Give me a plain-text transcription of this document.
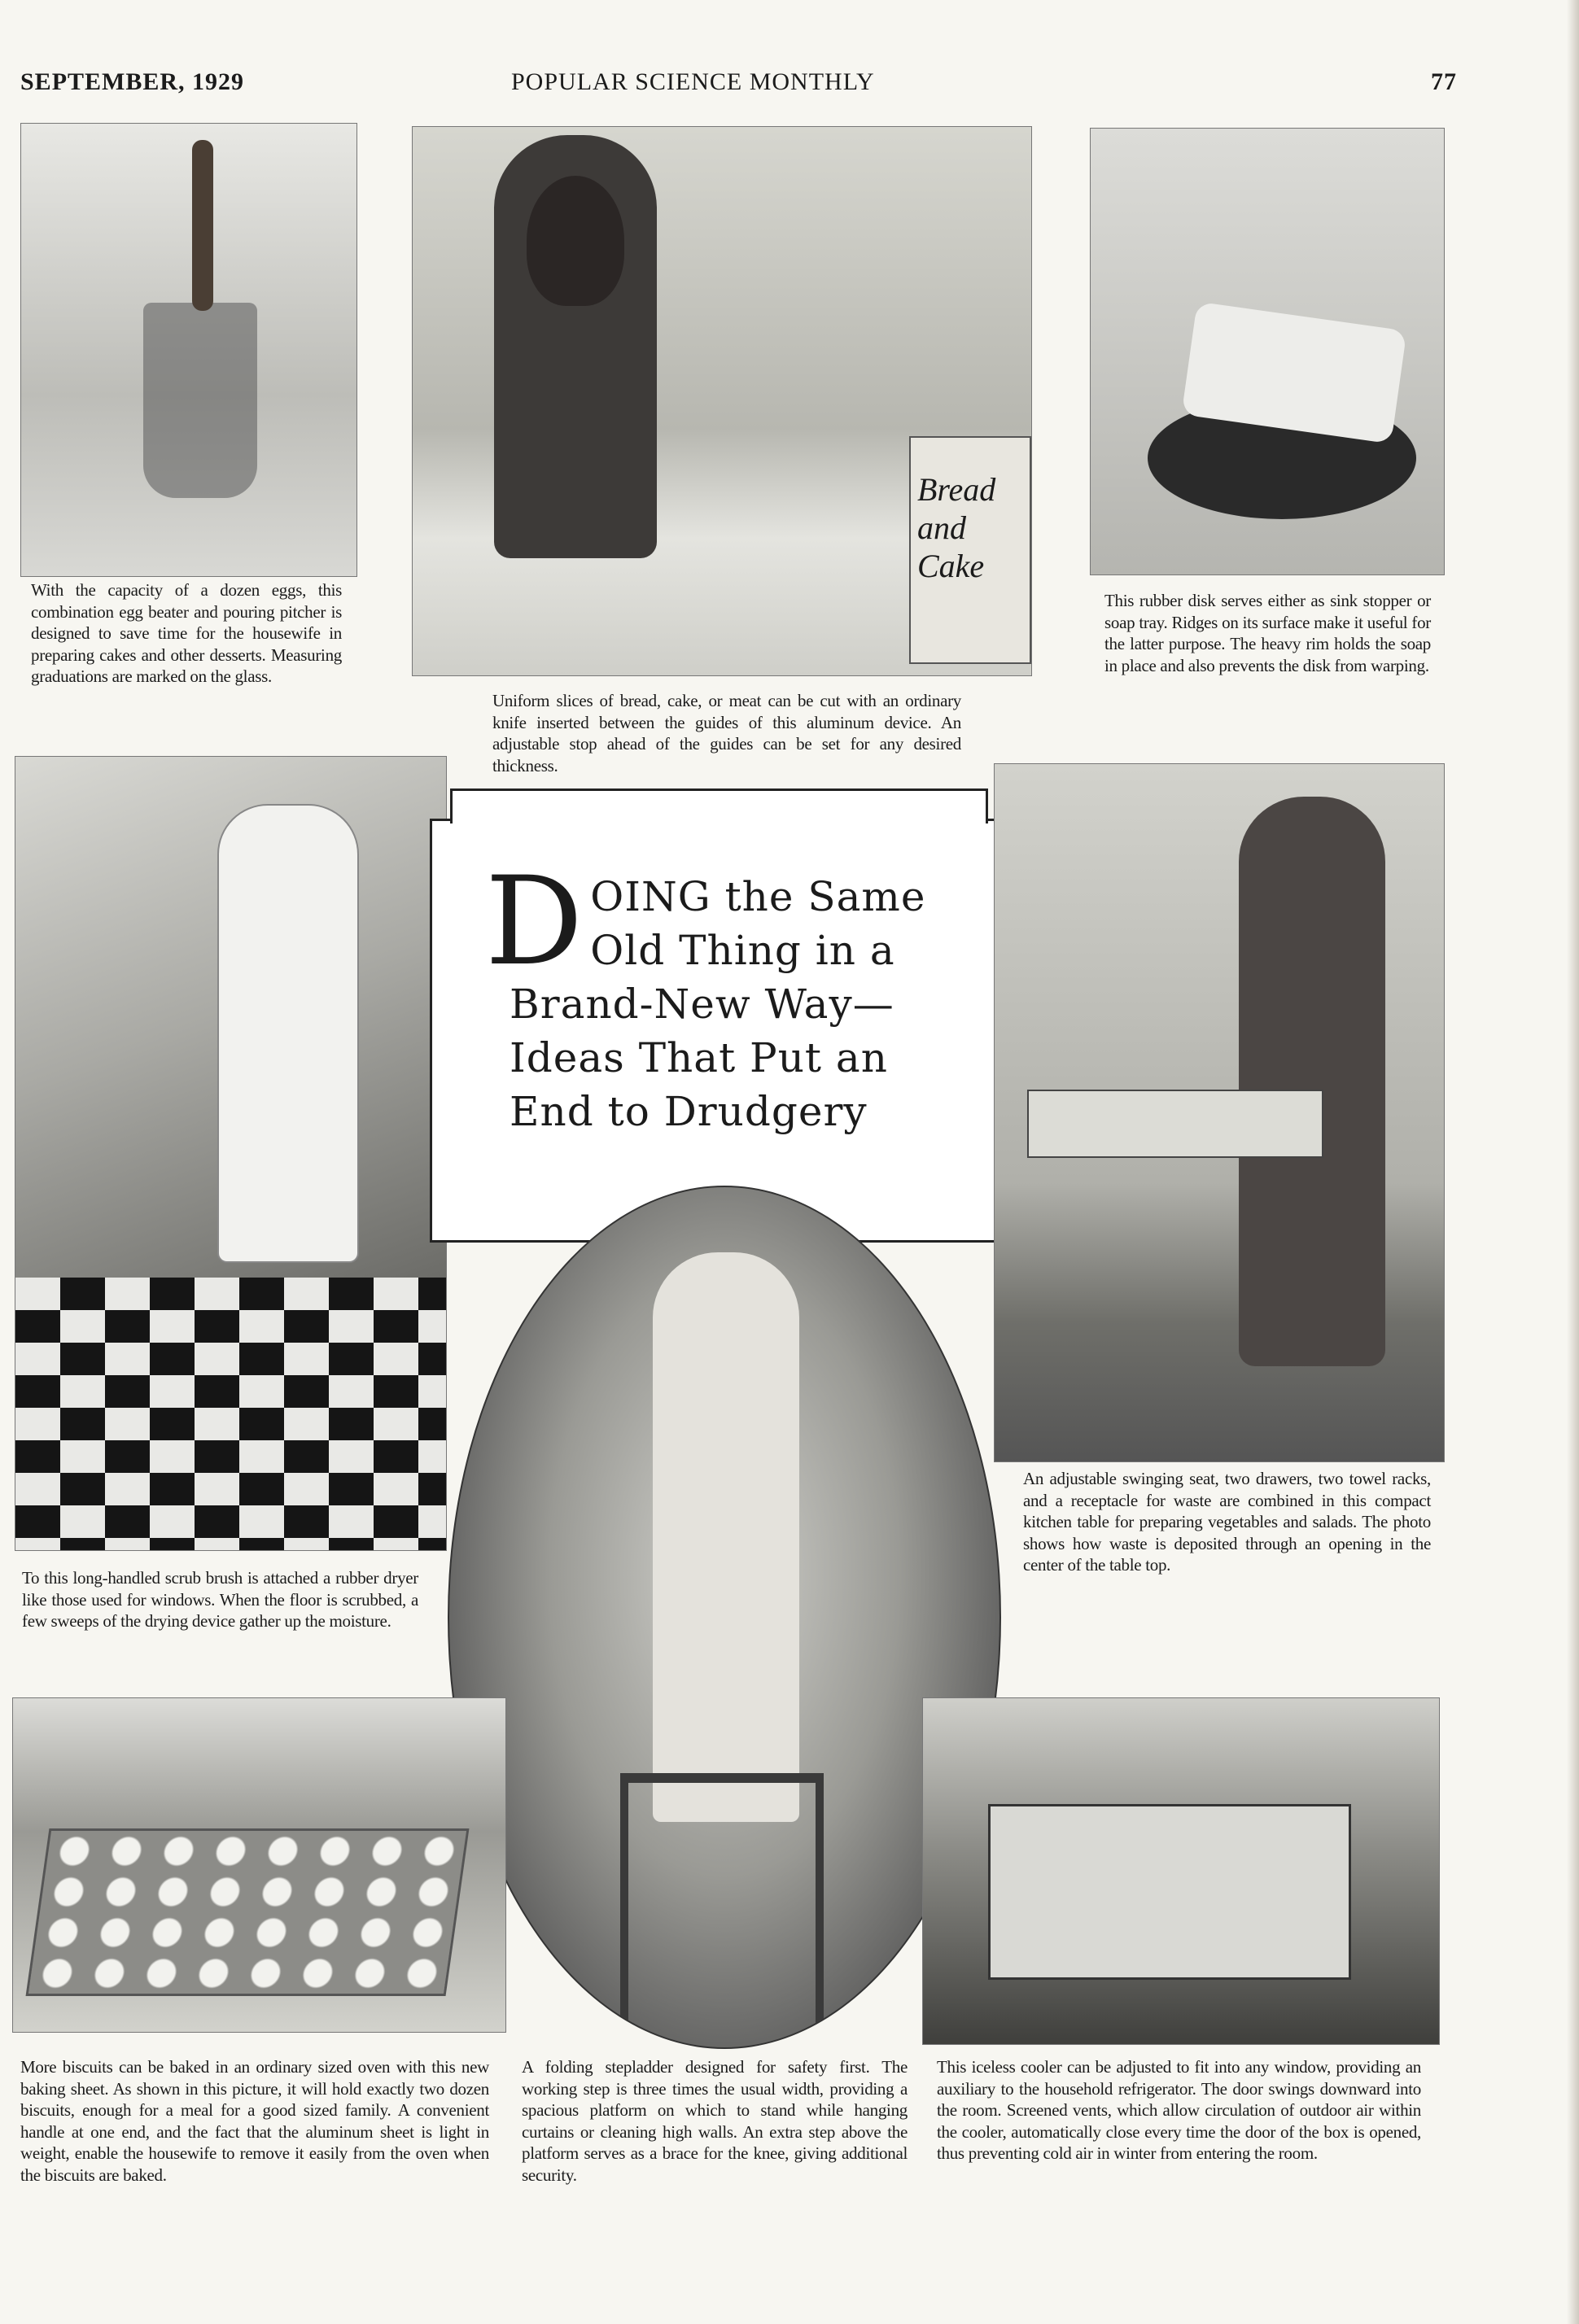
SEPTEMBER, 1929	POPULAR SCIENCE MONTHLY	77
With the capacity of a dozen eggs, this combination egg beater and pouring pitcher is designed to save time for the housewife in preparing cakes and other desserts. Measuring graduations are marked on the glass.
Bread and Cake
Uniform slices of bread, cake, or meat can be cut with an ordinary knife inserted between the guides of this aluminum device. An adjustable stop ahead of the guides can be set for any desired thickness.
This rubber disk serves either as sink stopper or soap tray. Ridges on its surface make it useful for the latter purpose. The heavy rim holds the soap in place and also prevents the disk from warping.
To this long-handled scrub brush is attached a rubber dryer like those used for windows. When the floor is scrubbed, a few sweeps of the drying device gather up the moisture.
DOING the Same Old Thing in a Brand-New Way— Ideas That Put an End to Drudgery
An adjustable swinging seat, two drawers, two towel racks, and a receptacle for waste are combined in this compact kitchen table for preparing vegetables and salads. The photo shows how waste is deposited through an opening in the center of the table top.
More biscuits can be baked in an ordinary sized oven with this new baking sheet. As shown in this picture, it will hold exactly two dozen biscuits, enough for a meal for a good sized family. A convenient handle at one end, and the fact that the aluminum sheet is light in weight, enable the housewife to remove it easily from the oven when the biscuits are baked.
A folding stepladder designed for safety first. The working step is three times the usual width, providing a spacious platform on which to stand while hanging curtains or cleaning high walls. An extra step above the platform serves as a brace for the knee, giving additional security.
This iceless cooler can be adjusted to fit into any window, providing an auxiliary to the household refrigerator. The door swings downward into the room. Screened vents, which allow circulation of outdoor air within the cooler, automatically close every time the door of the box is opened, thus preventing cold air in winter from entering the room.
